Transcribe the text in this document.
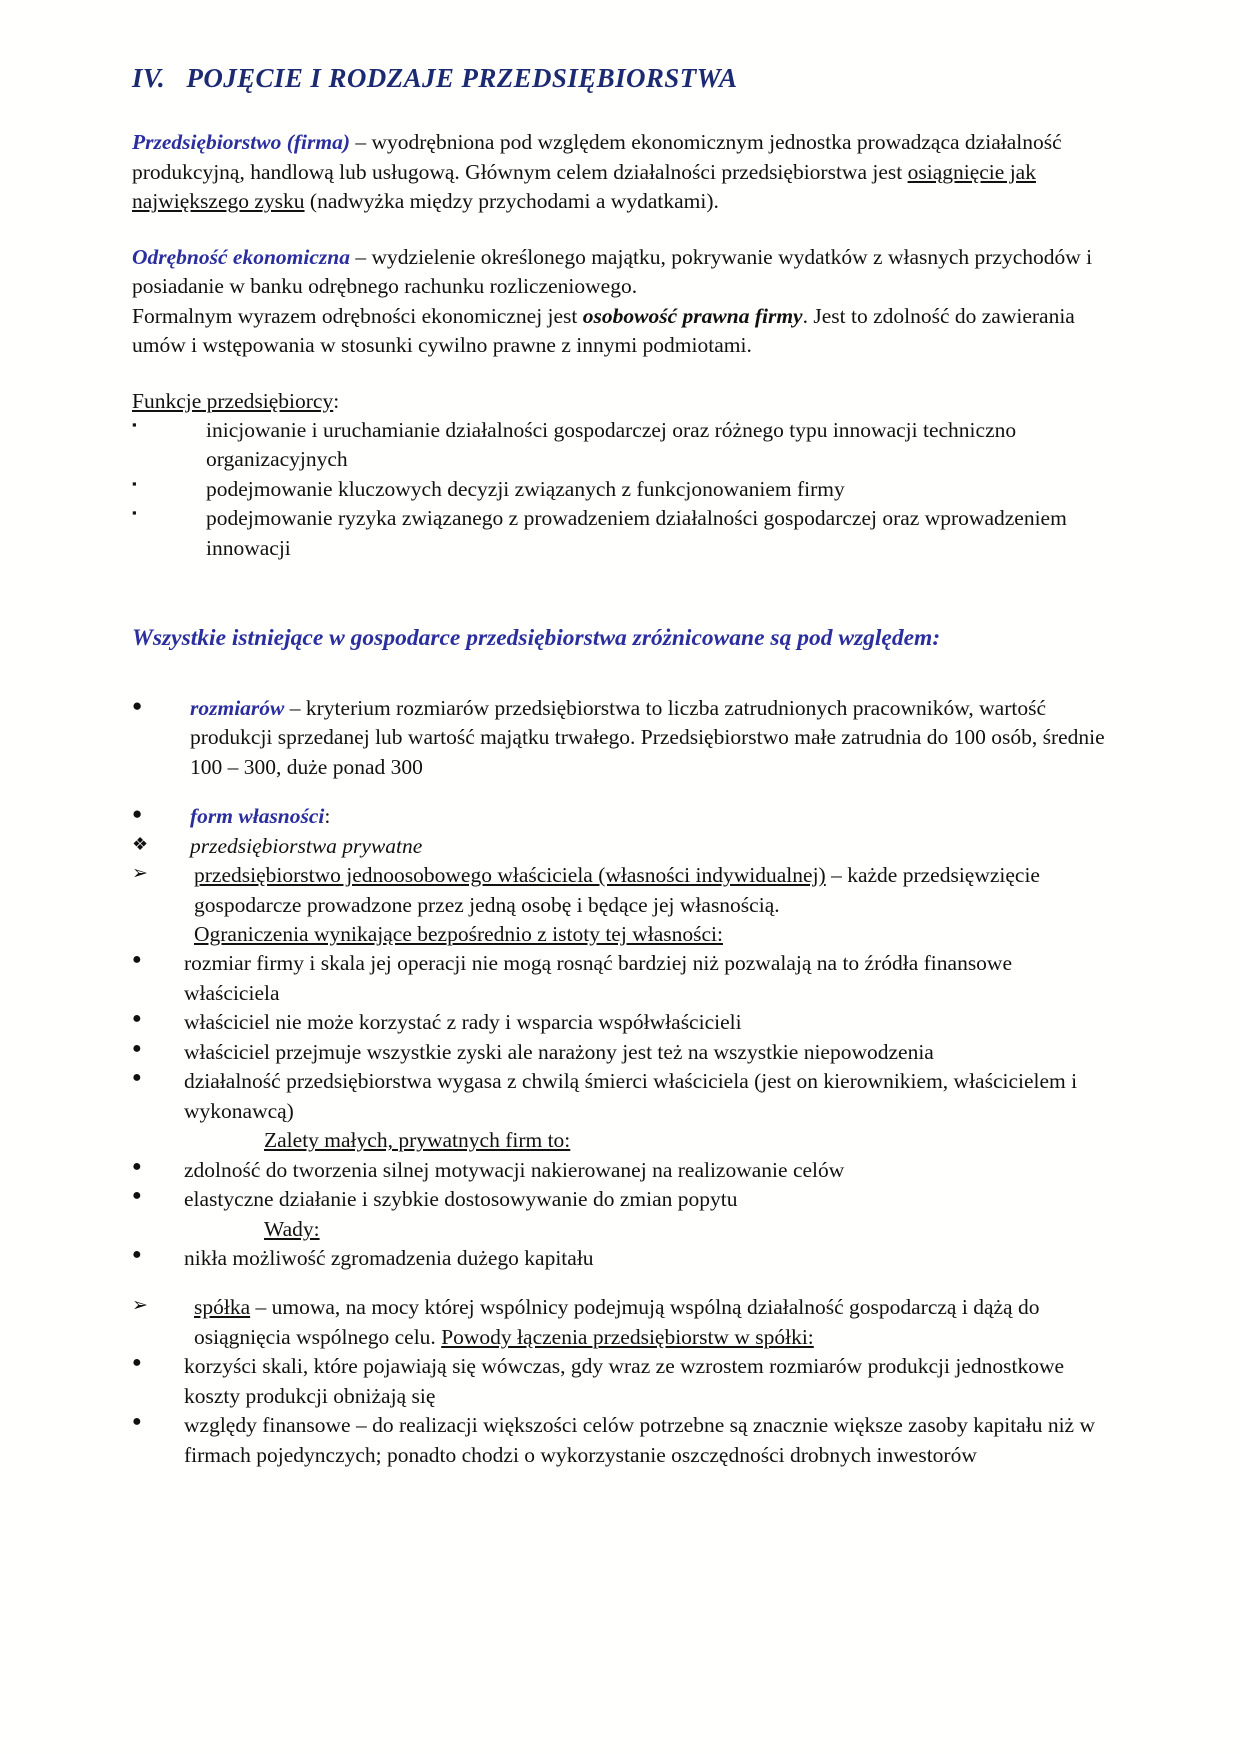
IV.   POJĘCIE I RODZAJE PRZEDSIĘBIORSTWA

Przedsiębiorstwo (firma) – wyodrębniona pod względem ekonomicznym jednostka prowadząca działalność produkcyjną, handlową lub usługową. Głównym celem działalności przedsiębiorstwa jest osiągnięcie jak największego zysku (nadwyżka między przychodami a wydatkami).

Odrębność ekonomiczna – wydzielenie określonego majątku, pokrywanie wydatków z własnych przychodów i posiadanie w banku odrębnego rachunku rozliczeniowego.

Formalnym wyrazem odrębności ekonomicznej jest osobowość prawna firmy. Jest to zdolność do zawierania umów i wstępowania w stosunki cywilno prawne z innymi podmiotami.

Funkcje przedsiębiorcy:

▪	inicjowanie i uruchamianie działalności gospodarczej oraz różnego typu innowacji techniczno organizacyjnych
▪	podejmowanie kluczowych decyzji związanych z funkcjonowaniem firmy
▪	podejmowanie ryzyka związanego z prowadzeniem działalności gospodarczej oraz wprowadzeniem innowacji

Wszystkie istniejące w gospodarce przedsiębiorstwa zróżnicowane są pod względem:

●	rozmiarów – kryterium rozmiarów przedsiębiorstwa to liczba zatrudnionych pracowników, wartość produkcji sprzedanej lub wartość majątku trwałego. Przedsiębiorstwo małe zatrudnia do 100 osób, średnie 100 – 300, duże ponad 300
●	form własności:
❖	przedsiębiorstwa prywatne
➢	przedsiębiorstwo jednoosobowego właściciela (własności indywidualnej) – każde przedsięwzięcie gospodarcze prowadzone przez jedną osobę i będące jej własnością.
Ograniczenia wynikające bezpośrednio z istoty tej własności:
●	rozmiar firmy i skala jej operacji nie mogą rosnąć bardziej niż pozwalają na to źródła finansowe właściciela
●	właściciel nie może korzystać z rady i wsparcia współwłaścicieli
●	właściciel przejmuje wszystkie zyski ale narażony jest też na wszystkie niepowodzenia
●	działalność przedsiębiorstwa wygasa z chwilą śmierci właściciela (jest on kierownikiem, właścicielem i wykonawcą)

Zalety małych, prywatnych firm to:

●	zdolność do tworzenia silnej motywacji nakierowanej na realizowanie celów
●	elastyczne działanie i szybkie dostosowywanie do zmian popytu

Wady:

●	nikła możliwość zgromadzenia dużego kapitału
➢	spółka – umowa, na mocy której wspólnicy podejmują wspólną działalność gospodarczą i dążą do osiągnięcia wspólnego celu. Powody łączenia przedsiębiorstw w spółki:
●	korzyści skali, które pojawiają się wówczas, gdy wraz ze wzrostem rozmiarów produkcji jednostkowe koszty produkcji obniżają się
●	względy finansowe – do realizacji większości celów potrzebne są znacznie większe zasoby kapitału niż w firmach pojedynczych; ponadto chodzi o wykorzystanie oszczędności drobnych inwestorów
